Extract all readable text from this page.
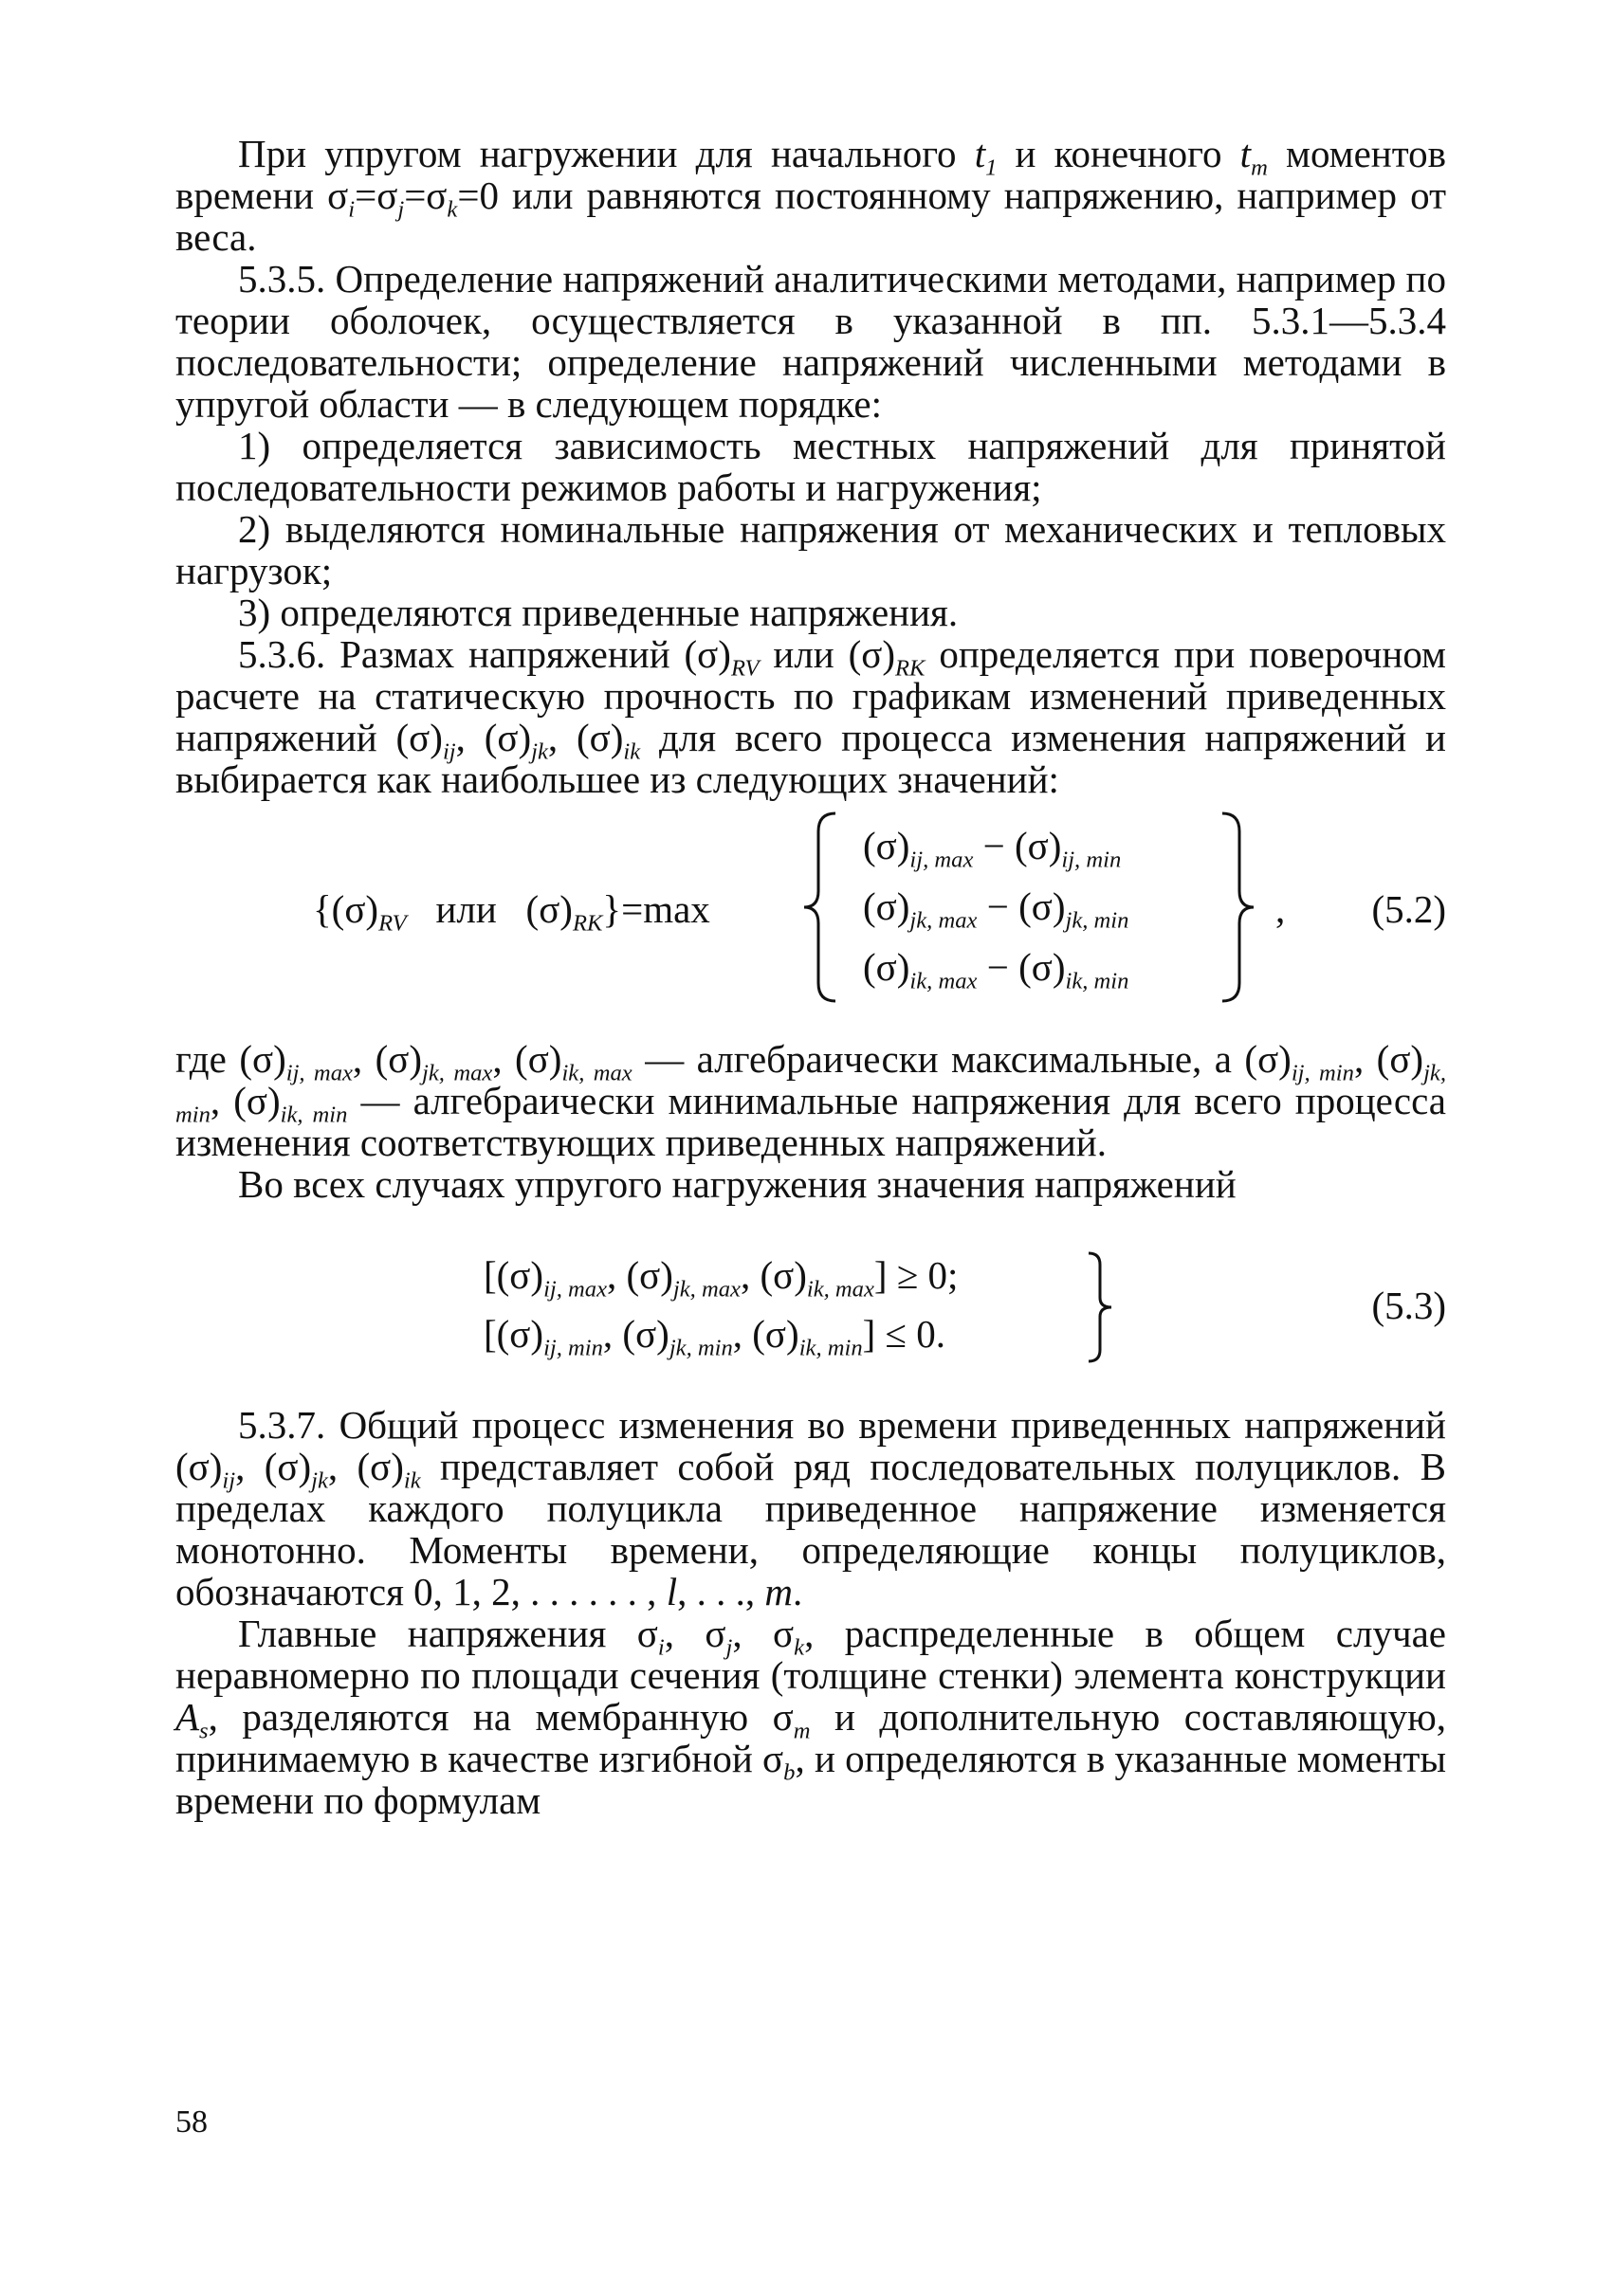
При упругом нагружении для начального $t_1$ и конечного $t_m$ моментов времени $\sigma_i=\sigma_j=\sigma_k=0$ или равняются постоянному напряжению, например от веса.

5.3.5. Определение напряжений аналитическими методами, например по теории оболочек, осуществляется в указанной в пп. 5.3.1—5.3.4 последовательности; определение напряжений численными методами в упругой области — в следующем порядке:

1) определяется зависимость местных напряжений для принятой последовательности режимов работы и нагружения;

2) выделяются номинальные напряжения от механических и тепловых нагрузок;

3) определяются приведенные напряжения.

5.3.6. Размах напряжений $(\sigma)_{RV}$ или $(\sigma)_{RK}$ определяется при поверочном расчете на статическую прочность по графикам изменений приведенных напряжений $(\sigma)_{ij}$, $(\sigma)_{jk}$, $(\sigma)_{ik}$ для всего процесса изменения напряжений и выбирается как наибольшее из следующих значений:

{$(\sigma)_{RV}$   или   $(\sigma)_{RK}\}=\max$
$(\sigma)_{ij, max} - (\sigma)_{ij, min}$
$(\sigma)_{jk, max} - (\sigma)_{jk, min}$
$(\sigma)_{ik, max} - (\sigma)_{ik, min}$
, (5.2)

где $(\sigma)_{ij, max}$, $(\sigma)_{jk, max}$, $(\sigma)_{ik, max}$ — алгебраически максимальные, а $(\sigma)_{ij, min}$, $(\sigma)_{jk, min}$, $(\sigma)_{ik, min}$ — алгебраически минимальные напряжения для всего процесса изменения соответствующих приведенных напряжений.

Во всех случаях упругого нагружения значения напряжений

[$(\sigma)_{ij, max}$, $(\sigma)_{jk, max}$, $(\sigma)_{ik, max}] \ge 0$;
[$(\sigma)_{ij, min}$, $(\sigma)_{jk, min}$, $(\sigma)_{ik, min}] \le 0$.
(5.3)

5.3.7. Общий процесс изменения во времени приведенных напряжений $(\sigma)_{ij}$, $(\sigma)_{jk}$, $(\sigma)_{ik}$ представляет собой ряд последовательных полуциклов. В пределах каждого полуцикла приведенное напряжение изменяется монотонно. Моменты времени, определяющие концы полуциклов, обозначаются 0, 1, 2, . . . . . . , l, . . ., m.

Главные напряжения $\sigma_i$, $\sigma_j$, $\sigma_k$, распределенные в общем случае неравномерно по площади сечения (толщине стенки) элемента конструкции $A_s$, разделяются на мембранную $\sigma_m$ и дополнительную составляющую, принимаемую в качестве изгибной $\sigma_b$, и определяются в указанные моменты времени по формулам

58
